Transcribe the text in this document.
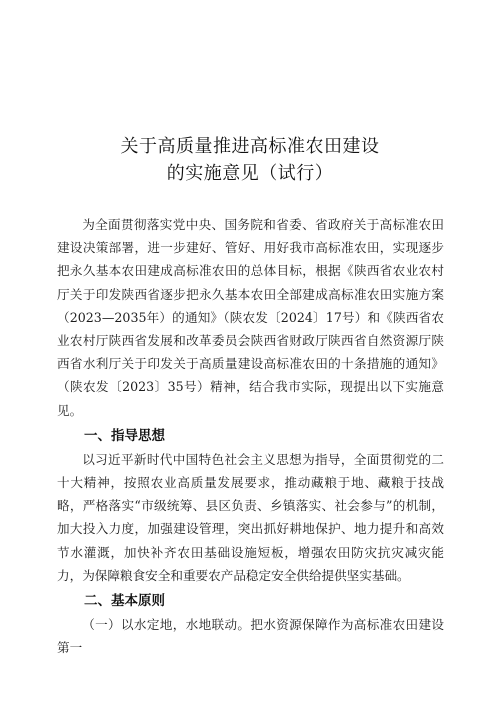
关于高质量推进高标准农田建设
的实施意见（试行）

为全面贯彻落实党中央、国务院和省委、省政府关于高标准农田建设决策部署，进一步建好、管好、用好我市高标准农田，实现逐步把永久基本农田建成高标准农田的总体目标，根据《陕西省农业农村厅关于印发陕西省逐步把永久基本农田全部建成高标准农田实施方案（2023—2035年）的通知》（陕农发〔2024〕17号）和《陕西省农业农村厅陕西省发展和改革委员会陕西省财政厅陕西省自然资源厅陕西省水利厅关于印发关于高质量建设高标准农田的十条措施的通知》（陕农发〔2023〕35号）精神，结合我市实际，现提出以下实施意见。

一、指导思想

以习近平新时代中国特色社会主义思想为指导，全面贯彻党的二十大精神，按照农业高质量发展要求，推动藏粮于地、藏粮于技战略，严格落实“市级统筹、县区负责、乡镇落实、社会参与”的机制，加大投入力度，加强建设管理，突出抓好耕地保护、地力提升和高效节水灌溉，加快补齐农田基础设施短板，增强农田防灾抗灾减灾能力，为保障粮食安全和重要农产品稳定安全供给提供坚实基础。

二、基本原则

（一）以水定地，水地联动。把水资源保障作为高标准农田建设第一
